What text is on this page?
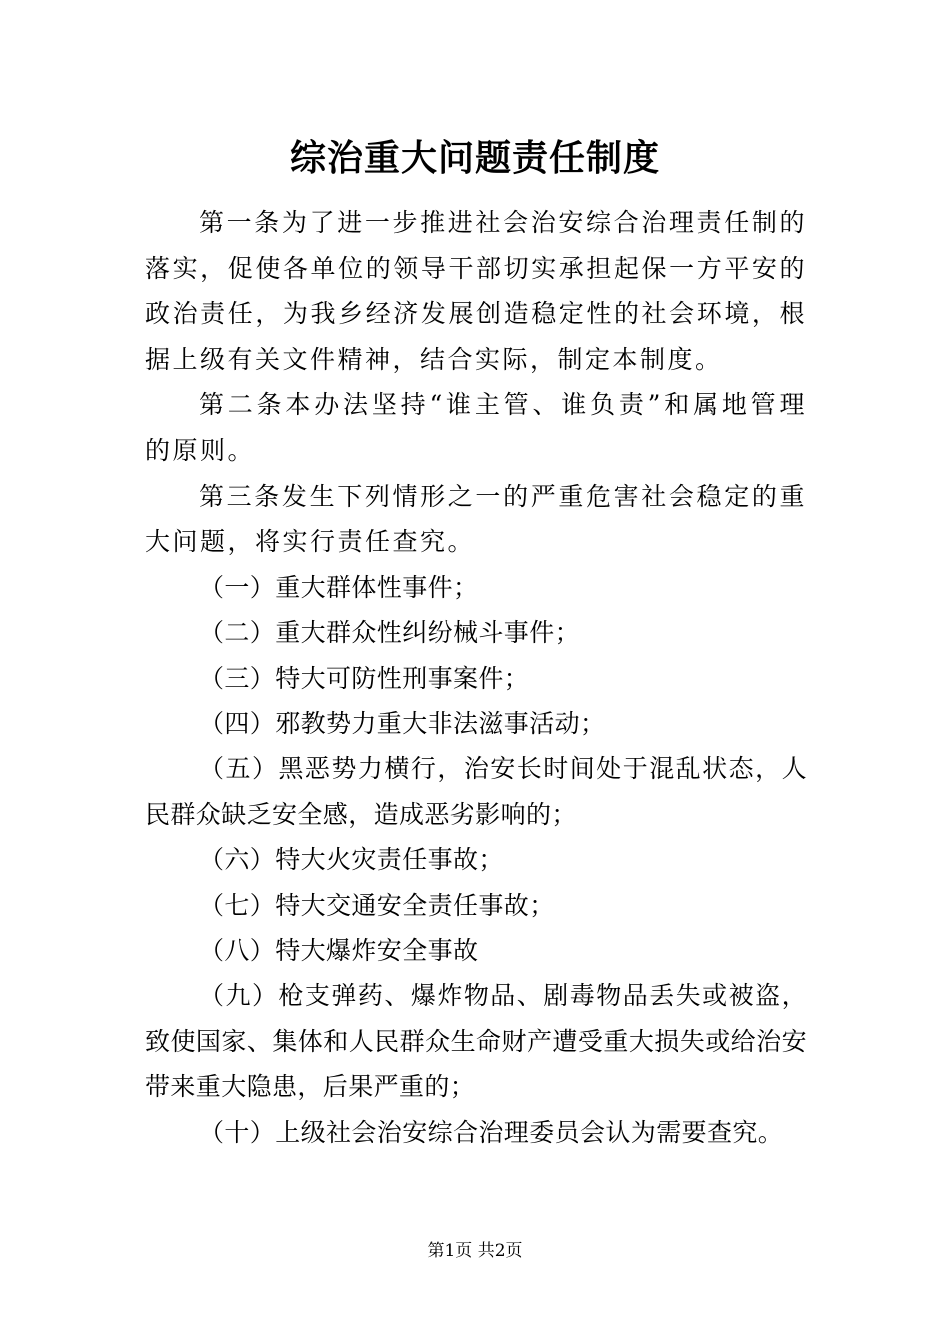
综治重大问题责任制度

第一条为了进一步推进社会治安综合治理责任制的落实，促使各单位的领导干部切实承担起保一方平安的政治责任，为我乡经济发展创造稳定性的社会环境，根据上级有关文件精神，结合实际，制定本制度。

第二条本办法坚持“谁主管、谁负责”和属地管理的原则。

第三条发生下列情形之一的严重危害社会稳定的重大问题，将实行责任查究。

（一）重大群体性事件；

（二）重大群众性纠纷械斗事件；

（三）特大可防性刑事案件；

（四）邪教势力重大非法滋事活动；

（五）黑恶势力横行，治安长时间处于混乱状态，人民群众缺乏安全感，造成恶劣影响的；

（六）特大火灾责任事故；

（七）特大交通安全责任事故；

（八）特大爆炸安全事故

（九）枪支弹药、爆炸物品、剧毒物品丢失或被盗，致使国家、集体和人民群众生命财产遭受重大损失或给治安带来重大隐患，后果严重的；

（十）上级社会治安综合治理委员会认为需要查究。

第1页 共2页
